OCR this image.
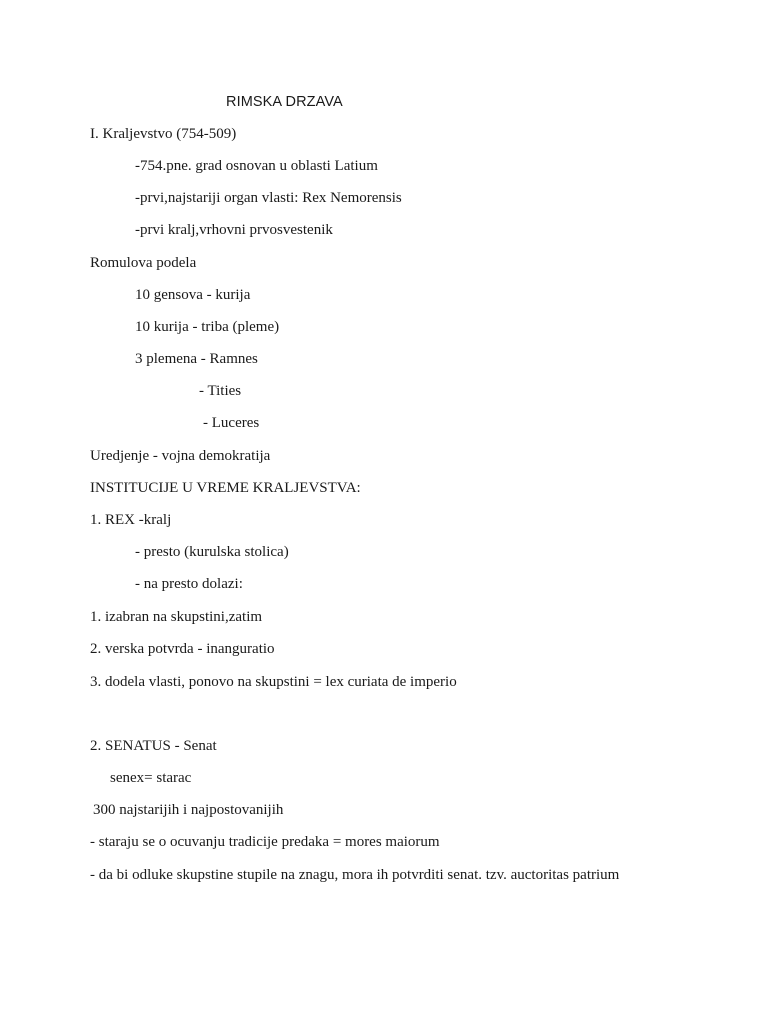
RIMSKA DRZAVA

I. Kraljevstvo (754-509)

-754.pne. grad osnovan u oblasti Latium

-prvi,najstariji organ vlasti: Rex Nemorensis

-prvi kralj,vrhovni prvosvestenik

Romulova podela

10 gensova - kurija

10 kurija - triba (pleme)

3 plemena - Ramnes

- Tities

- Luceres

Uredjenje - vojna demokratija

INSTITUCIJE U VREME KRALJEVSTVA:

1. REX -kralj

- presto (kurulska stolica)

- na presto dolazi:

1. izabran na skupstini,zatim

2. verska potvrda - inanguratio

3. dodela vlasti, ponovo na skupstini = lex curiata de imperio

2. SENATUS - Senat

senex= starac

300 najstarijih i najpostovanijih

- staraju se o ocuvanju tradicije predaka = mores maiorum

- da bi odluke skupstine stupile na znagu, mora ih potvrditi senat. tzv. auctoritas patrium
